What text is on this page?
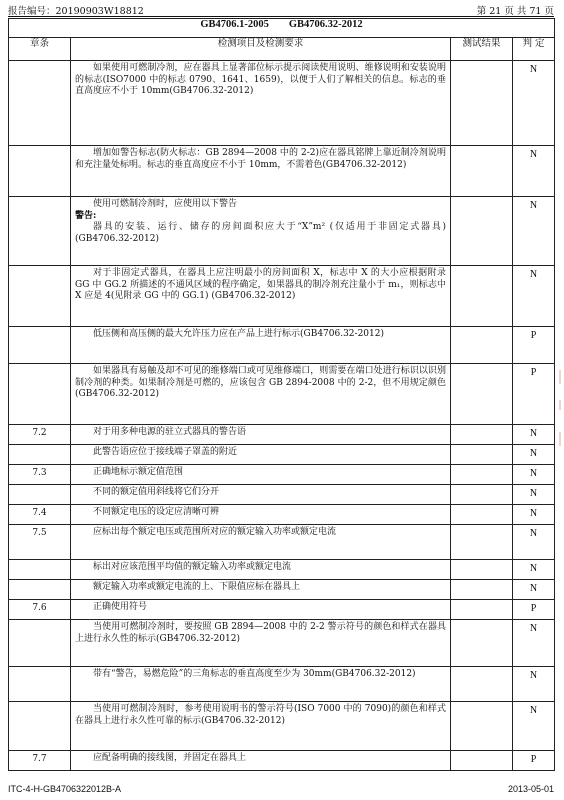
报告编号：20190903W18812	第 21 页 共 71 页
GB4706.1-2005 GB4706.32-2012			
章条	检测项目及检测要求	测试结果	判 定

	如果使用可燃制冷剂，应在器具上显著部位标示提示阅读使用说明、维修说明和安装说明的标志(ISO7000 中的标志 0790、1641、1659)，以便于人们了解相关的信息。标志的垂直高度应不小于 10mm(GB4706.32-2012)		N

	增加如警告标志(防火标志：GB 2894—2008 中的 2-2)应在器具铭牌上靠近制冷剂说明和充注量处标明。标志的垂直高度应不小于 10mm，不需着色(GB4706.32-2012)		N

	使用可燃制冷剂时，应使用以下警告

警告:

器具的安装、运行、储存的房间面积应大于“X”m² (仅适用于非固定式器具) (GB4706.32-2012)		N

	对于非固定式器具，在器具上应注明最小的房间面积 X，标志中 X 的大小应根据附录 GG 中 GG.2 所描述的不通风区域的程序确定，如果器具的制冷剂充注量小于 m₁，则标志中 X 应是 4(见附录 GG 中的 GG.1) (GB4706.32-2012)		N

	低压侧和高压侧的最大允许压力应在产品上进行标示(GB4706.32-2012)		P

	如果器具有易触及却不可见的维修端口或可见维修端口，则需要在端口处进行标识以识别制冷剂的种类。如果制冷剂是可燃的，应该包含 GB 2894-2008 中的 2-2，但不用规定颜色(GB4706.32-2012)		P
7.2	对于用多种电源的驻立式器具的警告语		N

	此警告语应位于接线端子罩盖的附近		N
7.3	正确地标示额定值范围		N

	不同的额定值用斜线将它们分开		N
7.4	不同额定电压的设定应清晰可辨		N
7.5	应标出每个额定电压或范围所对应的额定输入功率或额定电流		N

	标出对应该范围平均值的额定输入功率或额定电流		N

	额定输入功率或额定电流的上、下限值应标在器具上		N
7.6	正确使用符号		P

	当使用可燃制冷剂时，要按照 GB 2894—2008 中的 2-2 警示符号的颜色和样式在器具上进行永久性的标示(GB4706.32-2012)		N

	带有“警告，易燃危险”的三角标志的垂直高度至少为 30mm(GB4706.32-2012)		N

	当使用可燃制冷剂时，参考使用说明书的警示符号(ISO 7000 中的 7090)的颜色和样式在器具上进行永久性可靠的标示(GB4706.32-2012)		N
7.7	应配备明确的接线图，并固定在器具上		P
ITC-4-H-GB4706322012B-A	2013-05-01
